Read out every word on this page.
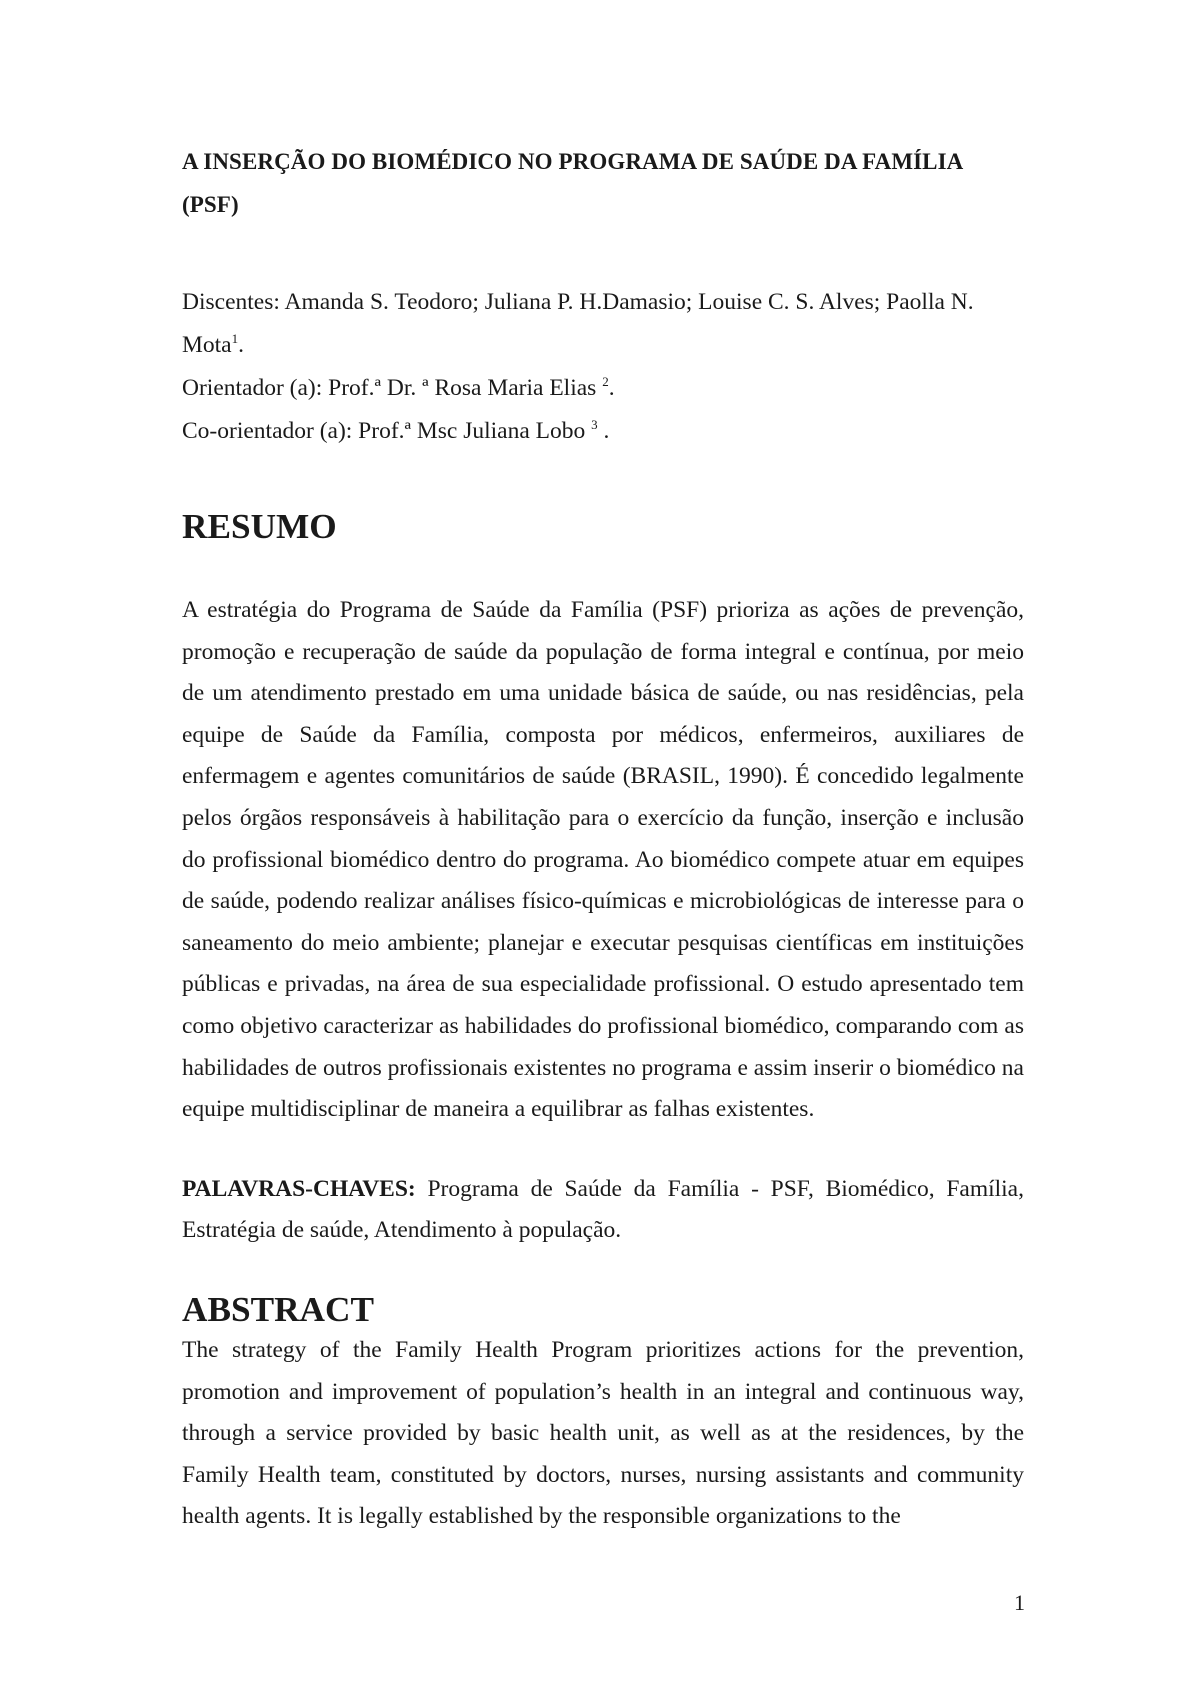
A INSERÇÃO DO BIOMÉDICO NO PROGRAMA DE SAÚDE DA FAMÍLIA (PSF)

Discentes: Amanda S. Teodoro; Juliana P. H.Damasio; Louise C. S. Alves; Paolla N. Mota$^1$.

Orientador (a): Prof.ª Dr. ª Rosa Maria Elias $^2$.

Co-orientador (a): Prof.ª Msc Juliana Lobo $^3$ .

RESUMO

A estratégia do Programa de Saúde da Família (PSF) prioriza as ações de prevenção, promoção e recuperação de saúde da população de forma integral e contínua, por meio de um atendimento prestado em uma unidade básica de saúde, ou nas residências, pela equipe de Saúde da Família, composta por médicos, enfermeiros, auxiliares de enfermagem e agentes comunitários de saúde (BRASIL, 1990). É concedido legalmente pelos órgãos responsáveis à habilitação para o exercício da função, inserção e inclusão do profissional biomédico dentro do programa. Ao biomédico compete atuar em equipes de saúde, podendo realizar análises físico-químicas e microbiológicas de interesse para o saneamento do meio ambiente; planejar e executar pesquisas científicas em instituições públicas e privadas, na área de sua especialidade profissional. O estudo apresentado tem como objetivo caracterizar as habilidades do profissional biomédico, comparando com as habilidades de outros profissionais existentes no programa e assim inserir o biomédico na equipe multidisciplinar de maneira a equilibrar as falhas existentes.

PALAVRAS-CHAVES: Programa de Saúde da Família - PSF, Biomédico, Família, Estratégia de saúde, Atendimento à população.

ABSTRACT

The strategy of the Family Health Program prioritizes actions for the prevention, promotion and improvement of population’s health in an integral and continuous way, through a service provided by basic health unit, as well as at the residences, by the Family Health team, constituted by doctors, nurses, nursing assistants and community health agents. It is legally established by the responsible organizations to the

1
